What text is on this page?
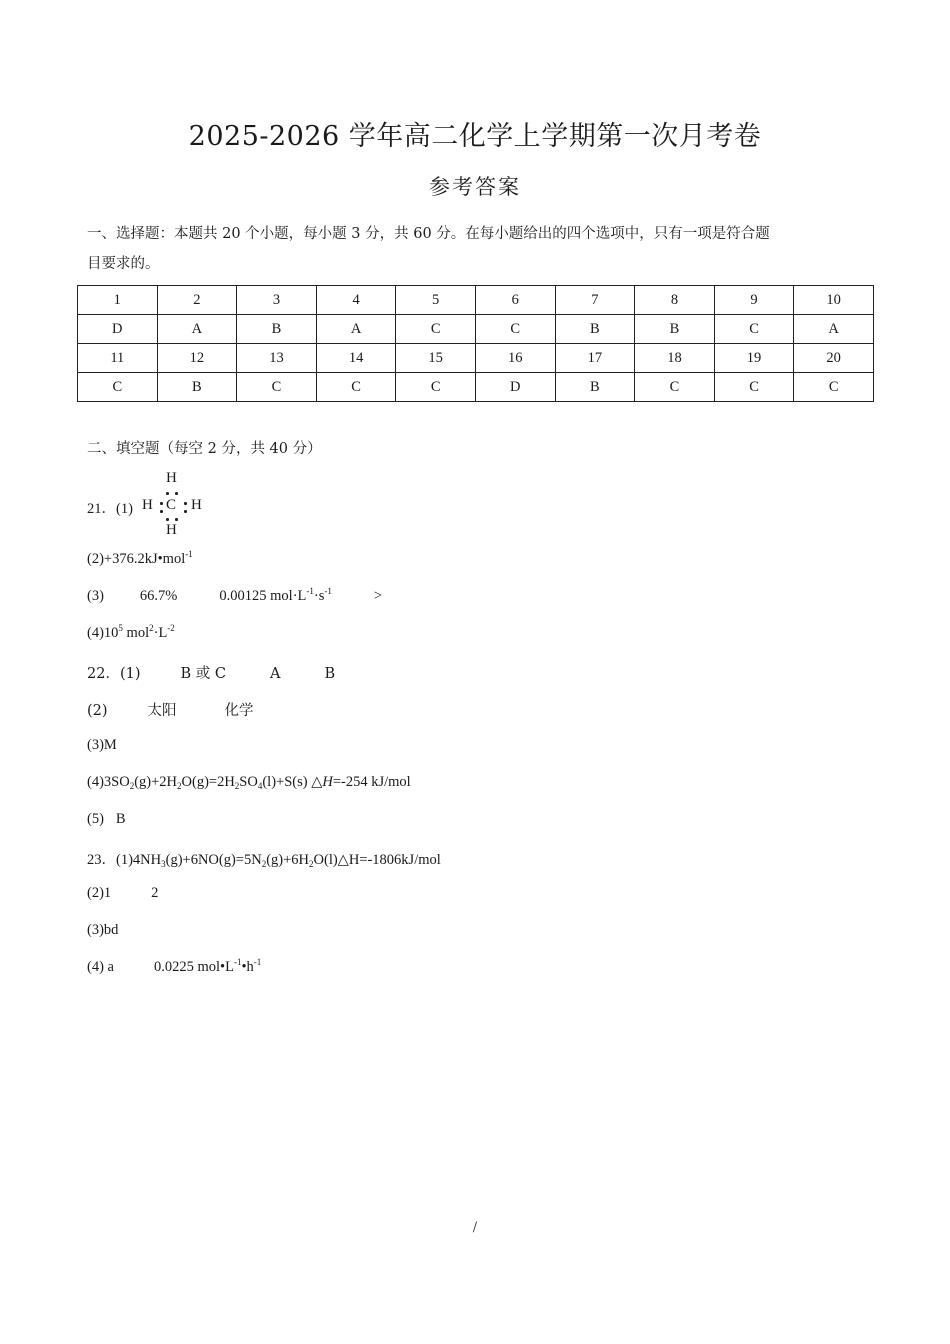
2025-2026 学年高二化学上学期第一次月考卷
参考答案
一、选择题：本题共 20 个小题，每小题 3 分，共 60 分。在每小题给出的四个选项中，只有一项是符合题
目要求的。
1	2	3	4	5	6	7	8	9	10
D	A	B	A	C	C	B	B	C	A
11	12	13	14	15	16	17	18	19	20
C	B	C	C	C	D	B	C	C	C
二、填空题（每空 2 分，共 40 分）
21．(1)
H
H C H
H
(2)+376.2kJ•mol$^{-1}$
(3) 66.7%	0.00125 $mol\cdot L^{-1}\cdot s^{-1}$	>
$(4)10^5$ $mol^2\cdot L^{-2}$
22．(1)	B 或 C	A	B
(2)	太阳	化学
(3)M
$(4)3SO_2(g)+2H_2O(g)=2H_2SO_4(l)+S(s)$ △H=-254 kJ/mol
(5) B
23．$(1)4NH_3(g)+6NO(g)=5N_2(g)+6H_2O(l)\triangle H=-1806kJ$/mol
(2)1	2
(3)bd
(4) a	0.0225 $mol•L^{-1}•h^{-1}$
/
